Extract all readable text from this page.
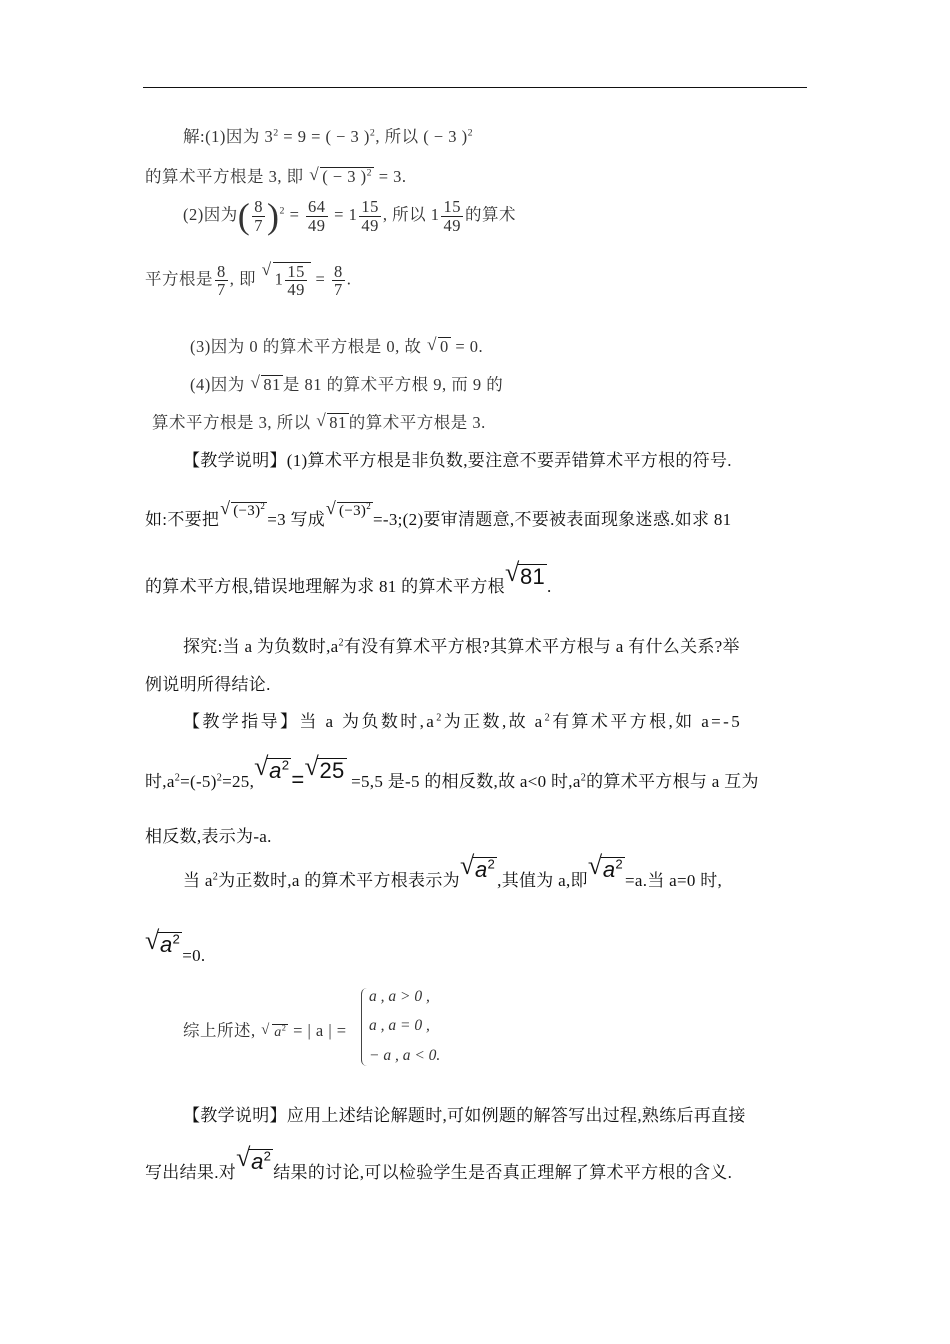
解:(1)因为 $3^2 = 9$ = ( − 3 )$^2$, 所以 ( − 3 )$^2$
的算术平方根是 3, 即 √ ( − 3 )$^2$ = 3.
(2)因为( $\frac{8}{7} )^2 = \frac{64}{49} = 1 \frac{15}{49}$ , 所以 $1 \frac{15}{49}$ 的算术
平方根是 $\frac{8}{7}$ , 即 √ $1 \frac{15}{49} = \frac{8}{7}$ .
(3)因为 0 的算术平方根是 0, 故 √ 0 = 0.
(4)因为 √ 81 是 81 的算术平方根 9, 而 9 的
算术平方根是 3, 所以 √ 81 的算术平方根是 3.
【教学说明】(1)算术平方根是非负数,要注意不要弄错算术平方根的符号.
如:不要把√ $(-3)^2=3$ 写成√ $(-3)^2=-3;(2)$要审清题意,不要被表面现象迷惑.如求 81
的算术平方根,错误地理解为求 81 的算术平方根√ 81 .
探究:当 a 为负数时$,a^2$有没有算术平方根?其算术平方根与 a 有什么关系?举
例说明所得结论.
【教学指导】当 a 为负数时$,a^2$为正数,故 $a^2$有算术平方根,如 a=-5
时$,a^2=(-5)^2=25,√$ $a^2=√$ 25 =5,5 是-5 的相反数,故 a<0 时$,a^2$的算术平方根与 a 互为
相反数,表示为-a.
当 $a^2$为正数时,a 的算术平方根表示为√ $a^2$,其值为 a,即√ $a^2=a$.当 a=0 时,
√ $a^2=0$.
综上所述, √ $a^2$ = | a | =
a , a > 0 ,
a , a = 0 ,
− a , a < 0.
【教学说明】应用上述结论解题时,可如例题的解答写出过程,熟练后再直接
写出结果.对√ $a^2$结果的讨论,可以检验学生是否真正理解了算术平方根的含义.
